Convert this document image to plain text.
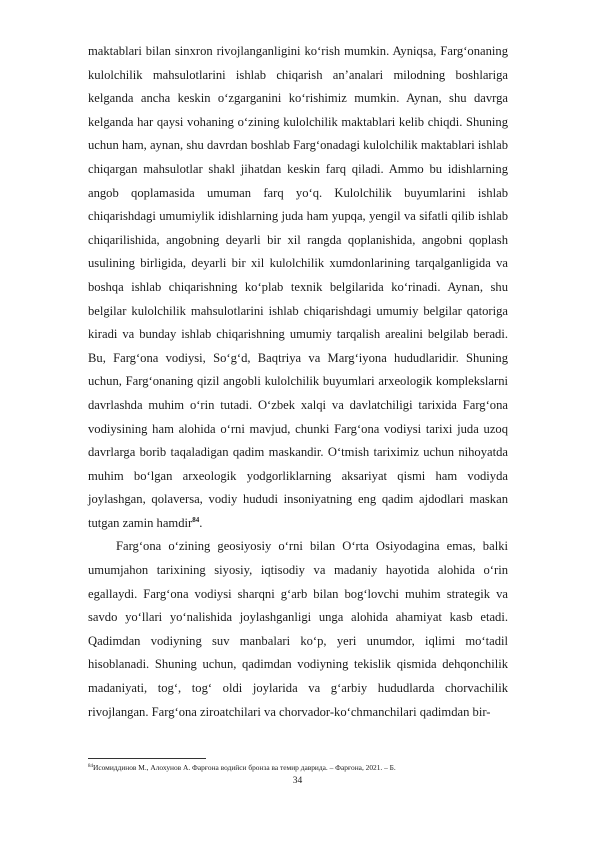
maktablari bilan sinxron rivojlanganligini ko‘rish mumkin. Ayniqsa, Farg‘onaning kulolchilik mahsulotlarini ishlab chiqarish an’analari milodning boshlariga kelganda ancha keskin o‘zgarganini ko‘rishimiz mumkin. Aynan, shu davrga kelganda har qaysi vohaning o‘zining kulolchilik maktablari kelib chiqdi. Shuning uchun ham, aynan, shu davrdan boshlab Farg‘onadagi kulolchilik maktablari ishlab chiqargan mahsulotlar shakl jihatdan keskin farq qiladi. Ammo bu idishlarning angob qoplamasida umuman farq yo‘q. Kulolchilik buyumlarini ishlab chiqarishdagi umumiylik idishlarning juda ham yupqa, yengil va sifatli qilib ishlab chiqarilishida, angobning deyarli bir xil rangda qoplanishida, angobni qoplash usulining birligida, deyarli bir xil kulolchilik xumdonlarining tarqalganligida va boshqa ishlab chiqarishning ko‘plab texnik belgilarida ko‘rinadi. Aynan, shu belgilar kulolchilik mahsulotlarini ishlab chiqarishdagi umumiy belgilar qatoriga kiradi va bunday ishlab chiqarishning umumiy tarqalish arealini belgilab beradi. Bu, Farg‘ona vodiysi, So‘g‘d, Baqtriya va Marg‘iyona hududlaridir. Shuning uchun, Farg‘onaning qizil angobli kulolchilik buyumlari arxeologik komplekslarni davrlashda muhim o‘rin tutadi. O‘zbek xalqi va davlatchiligi tarixida Farg‘ona vodiysining ham alohida o‘rni mavjud, chunki Farg‘ona vodiysi tarixi juda uzoq davrlarga borib taqaladigan qadim maskandir. O‘tmish tariximiz uchun nihoyatda muhim bo‘lgan arxeologik yodgorliklarning aksariyat qismi ham vodiyda joylashgan, qolaversa, vodiy hududi insoniyatning eng qadim ajdodlari maskan tutgan zamin hamdir$^{84}$.

Farg‘ona o‘zining geosiyosiy o‘rni bilan O‘rta Osiyodagina emas, balki umumjahon tarixining siyosiy, iqtisodiy va madaniy hayotida alohida o‘rin egallaydi. Farg‘ona vodiysi sharqni g‘arb bilan bog‘lovchi muhim strategik va savdo yo‘llari yo‘nalishida joylashganligi unga alohida ahamiyat kasb etadi. Qadimdan vodiyning suv manbalari ko‘p, yeri unumdor, iqlimi mo‘tadil hisoblanadi. Shuning uchun, qadimdan vodiyning tekislik qismida dehqonchilik madaniyati, tog‘, tog‘ oldi joylarida va g‘arbiy hududlarda chorvachilik rivojlangan. Farg‘ona ziroatchilari va chorvador-ko‘chmanchilari qadimdan bir-

$^{84}$Исомиддинов М., Алохунов А. Фарғона водийси бронза ва темир даврида. – Фарғона, 2021. – Б.
34
